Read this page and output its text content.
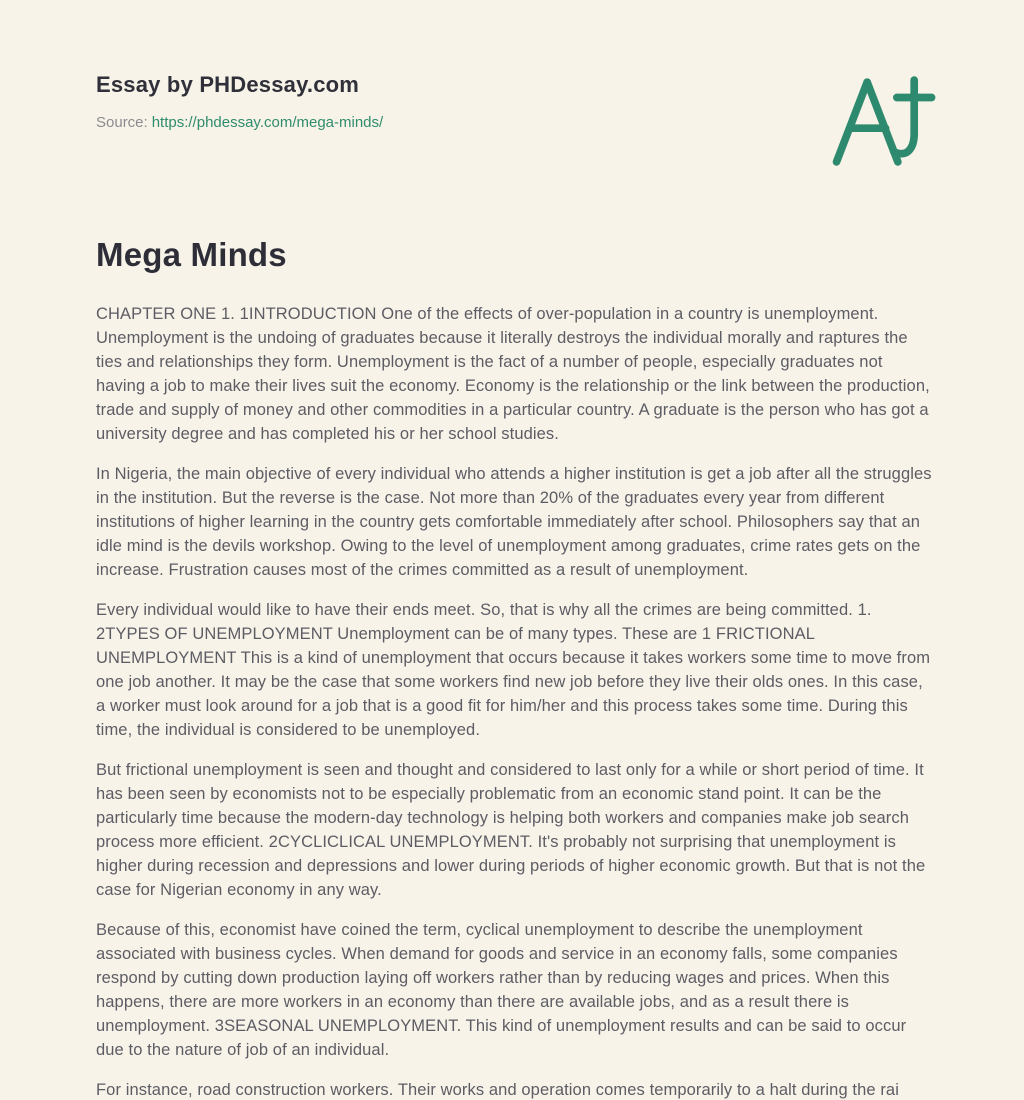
Essay by PHDessay.com
Source: https://phdessay.com/mega-minds/
Mega Minds

CHAPTER ONE 1. 1INTRODUCTION One of the effects of over-population in a country is unemployment. Unemployment is the undoing of graduates because it literally destroys the individual morally and raptures the ties and relationships they form. Unemployment is the fact of a number of people, especially graduates not having a job to make their lives suit the economy. Economy is the relationship or the link between the production, trade and supply of money and other commodities in a particular country. A graduate is the person who has got a university degree and has completed his or her school studies.

In Nigeria, the main objective of every individual who attends a higher institution is get a job after all the struggles in the institution. But the reverse is the case. Not more than 20% of the graduates every year from different institutions of higher learning in the country gets comfortable immediately after school. Philosophers say that an idle mind is the devils workshop. Owing to the level of unemployment among graduates, crime rates gets on the increase. Frustration causes most of the crimes committed as a result of unemployment.

Every individual would like to have their ends meet. So, that is why all the crimes are being committed. 1. 2TYPES OF UNEMPLOYMENT Unemployment can be of many types. These are 1 FRICTIONAL UNEMPLOYMENT This is a kind of unemployment that occurs because it takes workers some time to move from one job another. It may be the case that some workers find new job before they live their olds ones. In this case, a worker must look around for a job that is a good fit for him/her and this process takes some time. During this time, the individual is considered to be unemployed.

But frictional unemployment is seen and thought and considered to last only for a while or short period of time. It has been seen by economists not to be especially problematic from an economic stand point. It can be the particularly time because the modern-day technology is helping both workers and companies make job search process more efficient. 2CYCLICLICAL UNEMPLOYMENT. It's probably not surprising that unemployment is higher during recession and depressions and lower during periods of higher economic growth. But that is not the case for Nigerian economy in any way.

Because of this, economist have coined the term, cyclical unemployment to describe the unemployment associated with business cycles. When demand for goods and service in an economy falls, some companies respond by cutting down production laying off workers rather than by reducing wages and prices. When this happens, there are more workers in an economy than there are available jobs, and as a result there is unemployment. 3SEASONAL UNEMPLOYMENT. This kind of unemployment results and can be said to occur due to the nature of job of an individual.

For instance, road construction workers. Their works and operation comes temporarily to a halt during the rai
